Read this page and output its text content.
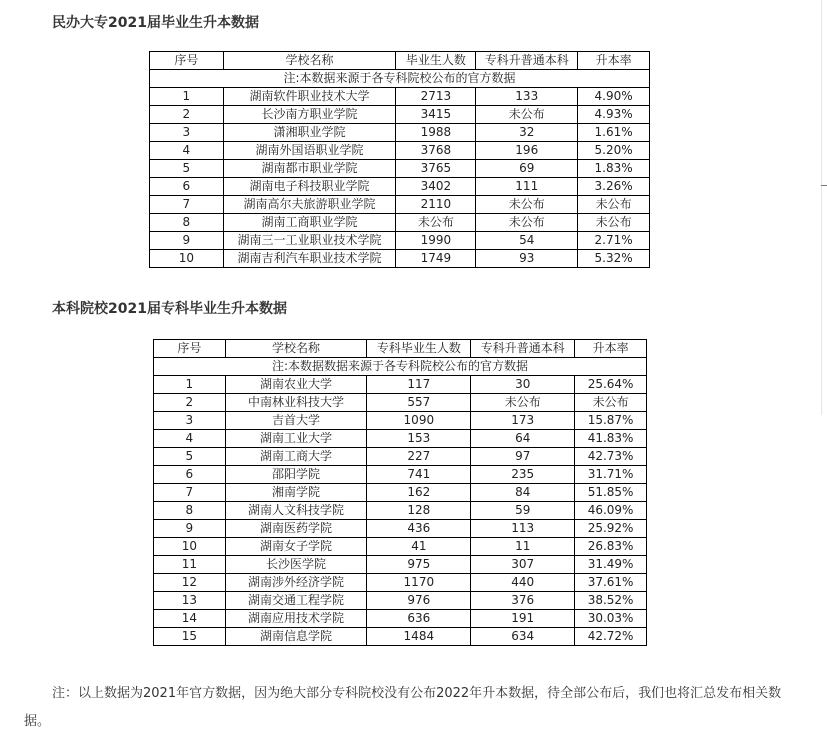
民办大专2021届毕业生升本数据
序号	学校名称	毕业生人数	专科升普通本科	升本率
注:本数据来源于各专科院校公布的官方数据				
1	湖南软件职业技术大学	2713	133	4.90%
2	长沙南方职业学院	3415	未公布	4.93%
3	潇湘职业学院	1988	32	1.61%
4	湖南外国语职业学院	3768	196	5.20%
5	湖南都市职业学院	3765	69	1.83%
6	湖南电子科技职业学院	3402	111	3.26%
7	湖南高尔夫旅游职业学院	2110	未公布	未公布
8	湖南工商职业学院	未公布	未公布	未公布
9	湖南三一工业职业技术学院	1990	54	2.71%
10	湖南吉利汽车职业技术学院	1749	93	5.32%
本科院校2021届专科毕业生升本数据
序号	学校名称	专科毕业生人数	专科升普通本科	升本率
注:本数据数据来源于各专科院校公布的官方数据				
1	湖南农业大学	117	30	25.64%
2	中南林业科技大学	557	未公布	未公布
3	吉首大学	1090	173	15.87%
4	湖南工业大学	153	64	41.83%
5	湖南工商大学	227	97	42.73%
6	邵阳学院	741	235	31.71%
7	湘南学院	162	84	51.85%
8	湖南人文科技学院	128	59	46.09%
9	湖南医药学院	436	113	25.92%
10	湖南女子学院	41	11	26.83%
11	长沙医学院	975	307	31.49%
12	湖南涉外经济学院	1170	440	37.61%
13	湖南交通工程学院	976	376	38.52%
14	湖南应用技术学院	636	191	30.03%
15	湖南信息学院	1484	634	42.72%
注：以上数据为2021年官方数据，因为绝大部分专科院校没有公布2022年升本数据，待全部公布后，我们也将汇总发布相关数据。
